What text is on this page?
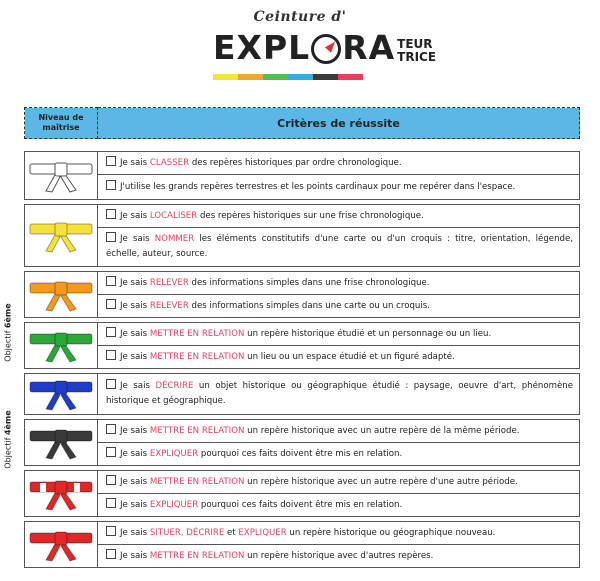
Ceinture d'
EXPL RA TEUR
TRICE
Niveau de maîtrise	Critères de réussite

	Je sais CLASSER des repères historiques par ordre chronologique.
	J'utilise les grands repères terrestres et les points cardinaux pour me repérer dans l'espace.

	Je sais LOCALISER des repères historiques sur une frise chronologique.
	Je sais NOMMER les éléments constitutifs d'une carte ou d'un croquis : titre, orientation, légende, échelle, auteur, source.

	Je sais RELEVER des informations simples dans une frise chronologique.
	Je sais RELEVER des informations simples dans une carte ou un croquis.

	Je sais METTRE EN RELATION un repère historique étudié et un personnage ou un lieu.
	Je sais METTRE EN RELATION un lieu ou un espace étudié et un figuré adapté.

	Je sais DÉCRIRE un objet historique ou géographique étudié : paysage, oeuvre d'art, phénomène historique et géographique.

	Je sais METTRE EN RELATION un repère historique avec un autre repère de la même période.
	Je sais EXPLIQUER pourquoi ces faits doivent être mis en relation.

	Je sais METTRE EN RELATION un repère historique avec un autre repère d'une autre période.
	Je sais EXPLIQUER pourquoi ces faits doivent être mis en relation.

	Je sais SITUER, DÉCRIRE et EXPLIQUER un repère historique ou géographique nouveau.
	Je sais METTRE EN RELATION un repère historique avec d'autres repères.
Objectif 6ème
Objectif 4ème
